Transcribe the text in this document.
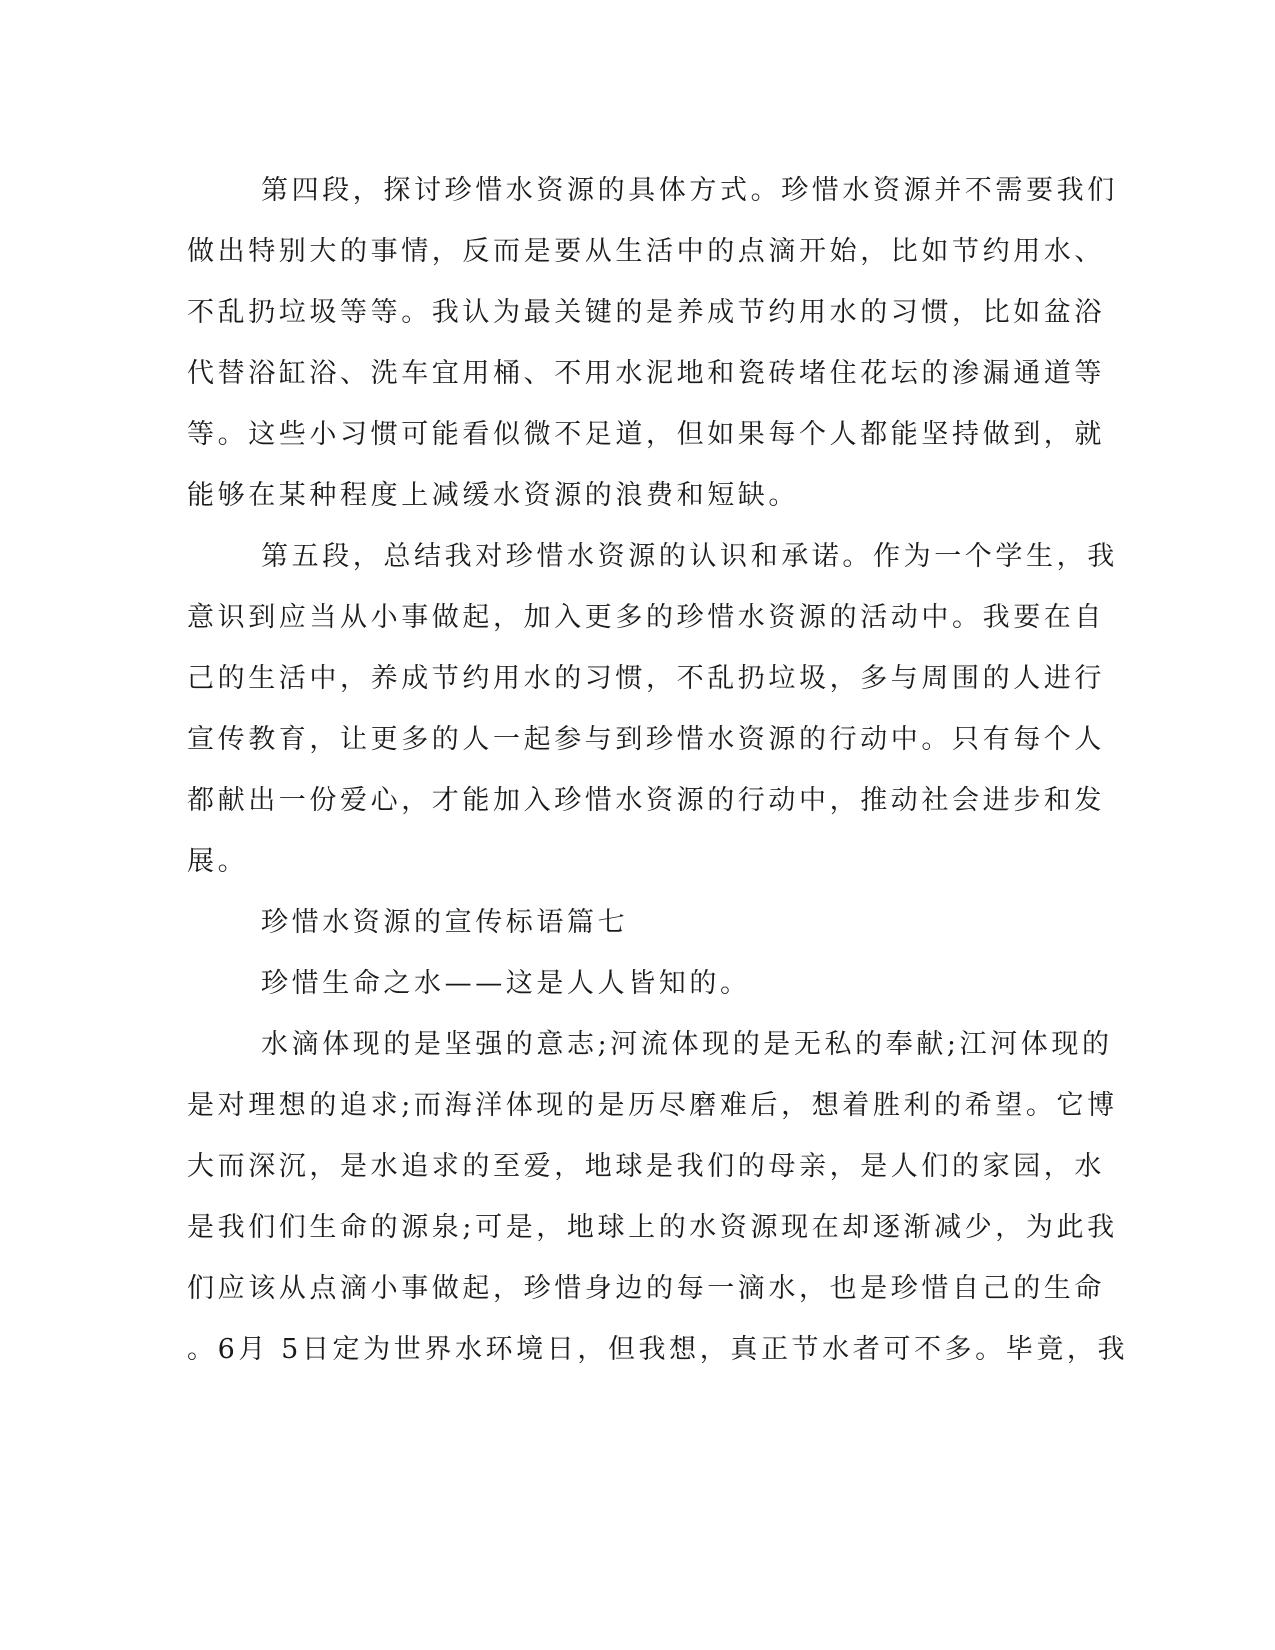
第四段，探讨珍惜水资源的具体方式。珍惜水资源并不需要我们
做出特别大的事情，反而是要从生活中的点滴开始，比如节约用水、
不乱扔垃圾等等。我认为最关键的是养成节约用水的习惯，比如盆浴
代替浴缸浴、洗车宜用桶、不用水泥地和瓷砖堵住花坛的渗漏通道等
等。这些小习惯可能看似微不足道，但如果每个人都能坚持做到，就
能够在某种程度上减缓水资源的浪费和短缺。
第五段，总结我对珍惜水资源的认识和承诺。作为一个学生，我
意识到应当从小事做起，加入更多的珍惜水资源的活动中。我要在自
己的生活中，养成节约用水的习惯，不乱扔垃圾，多与周围的人进行
宣传教育，让更多的人一起参与到珍惜水资源的行动中。只有每个人
都献出一份爱心，才能加入珍惜水资源的行动中，推动社会进步和发
展。
珍惜水资源的宣传标语篇七
珍惜生命之水——这是人人皆知的。
水滴体现的是坚强的意志;河流体现的是无私的奉献;江河体现的
是对理想的追求;而海洋体现的是历尽磨难后，想着胜利的希望。它博
大而深沉，是水追求的至爱，地球是我们的母亲，是人们的家园，水
是我们们生命的源泉;可是，地球上的水资源现在却逐渐减少，为此我
们应该从点滴小事做起，珍惜身边的每一滴水，也是珍惜自己的生命
。6月 5日定为世界水环境日，但我想，真正节水者可不多。毕竟，我
